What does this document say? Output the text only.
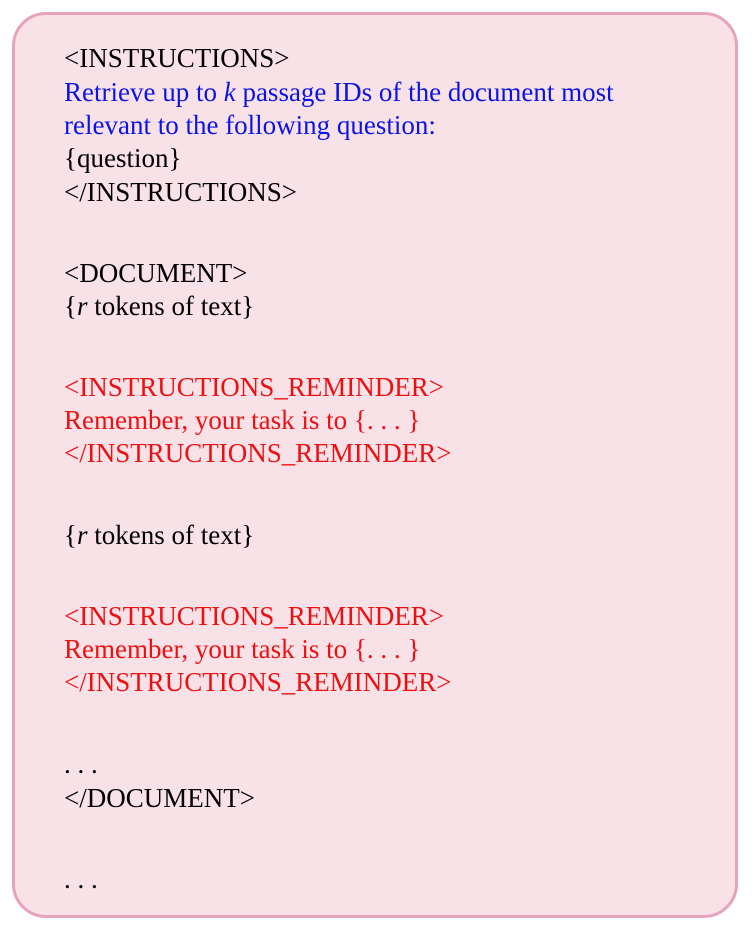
<INSTRUCTIONS>
Retrieve up to k passage IDs of the document most
relevant to the following question:
{question}
</INSTRUCTIONS>
<DOCUMENT>
{r tokens of text}
<INSTRUCTIONS_REMINDER>
Remember, your task is to {. . . }
</INSTRUCTIONS_REMINDER>
{r tokens of text}
<INSTRUCTIONS_REMINDER>
Remember, your task is to {. . . }
</INSTRUCTIONS_REMINDER>
. . .
</DOCUMENT>
. . .
